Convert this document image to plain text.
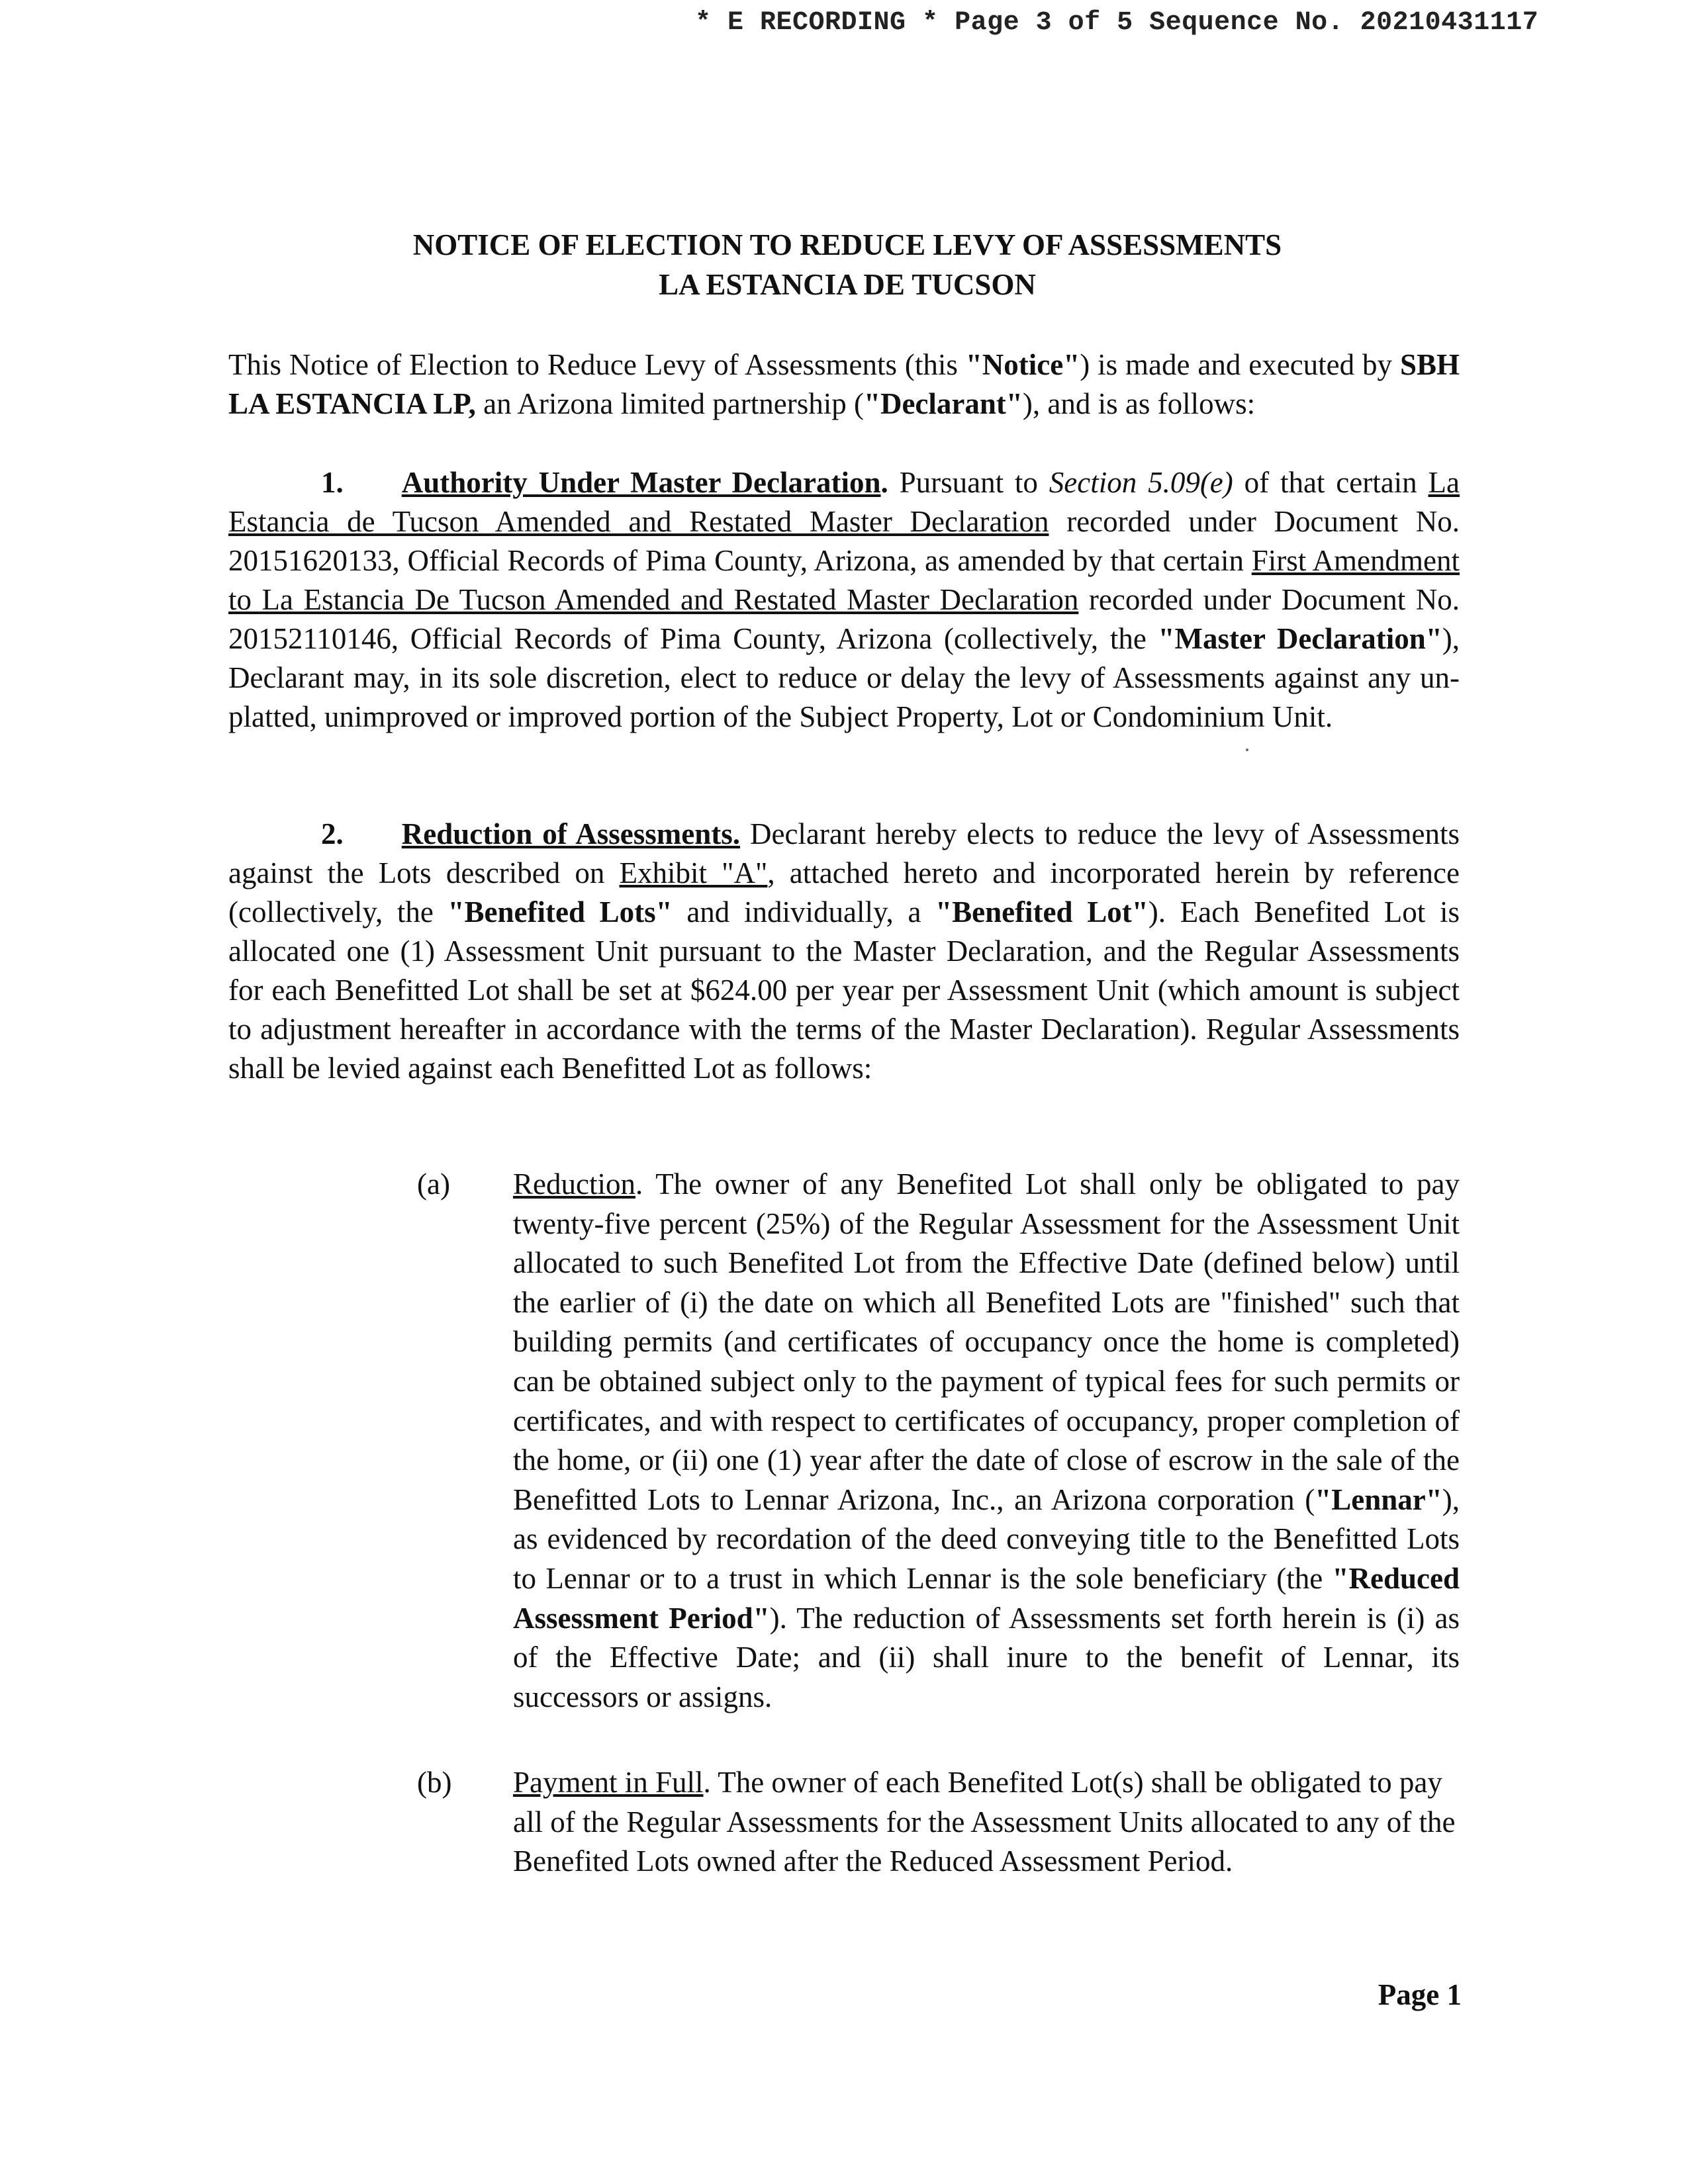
* E RECORDING * Page 3 of 5 Sequence No. 20210431117
NOTICE OF ELECTION TO REDUCE LEVY OF ASSESSMENTS
LA ESTANCIA DE TUCSON
This Notice of Election to Reduce Levy of Assessments (this "Notice") is made and executed by SBH LA ESTANCIA LP, an Arizona limited partnership ("Declarant"), and is as follows:
1. Authority Under Master Declaration. Pursuant to Section 5.09(e) of that certain La Estancia de Tucson Amended and Restated Master Declaration recorded under Document No. 20151620133, Official Records of Pima County, Arizona, as amended by that certain First Amendment to La Estancia De Tucson Amended and Restated Master Declaration recorded under Document No. 20152110146, Official Records of Pima County, Arizona (collectively, the "Master Declaration"), Declarant may, in its sole discretion, elect to reduce or delay the levy of Assessments against any un-platted, unimproved or improved portion of the Subject Property, Lot or Condominium Unit.
2. Reduction of Assessments. Declarant hereby elects to reduce the levy of Assessments against the Lots described on Exhibit "A", attached hereto and incorporated herein by reference (collectively, the "Benefited Lots" and individually, a "Benefited Lot"). Each Benefited Lot is allocated one (1) Assessment Unit pursuant to the Master Declaration, and the Regular Assessments for each Benefitted Lot shall be set at $624.00 per year per Assessment Unit (which amount is subject to adjustment hereafter in accordance with the terms of the Master Declaration). Regular Assessments shall be levied against each Benefitted Lot as follows:
(a)	Reduction. The owner of any Benefited Lot shall only be obligated to pay twenty-five percent (25%) of the Regular Assessment for the Assessment Unit allocated to such Benefited Lot from the Effective Date (defined below) until the earlier of (i) the date on which all Benefited Lots are "finished" such that building permits (and certificates of occupancy once the home is completed) can be obtained subject only to the payment of typical fees for such permits or certificates, and with respect to certificates of occupancy, proper completion of the home, or (ii) one (1) year after the date of close of escrow in the sale of the Benefitted Lots to Lennar Arizona, Inc., an Arizona corporation ("Lennar"), as evidenced by recordation of the deed conveying title to the Benefitted Lots to Lennar or to a trust in which Lennar is the sole beneficiary (the "Reduced Assessment Period"). The reduction of Assessments set forth herein is (i) as of the Effective Date; and (ii) shall inure to the benefit of Lennar, its successors or assigns.
(b)	Payment in Full. The owner of each Benefited Lot(s) shall be obligated to pay all of the Regular Assessments for the Assessment Units allocated to any of the Benefited Lots owned after the Reduced Assessment Period.
Page 1
